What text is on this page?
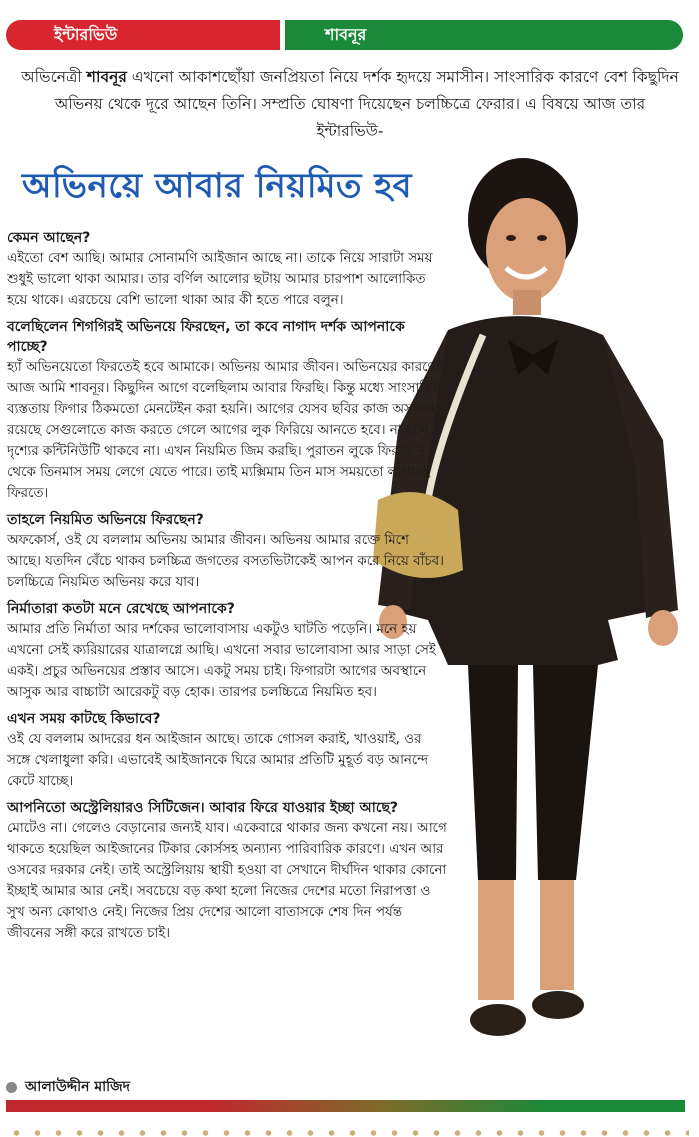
ইন্টারভিউ	শাবনূর
অভিনেত্রী শাবনূর এখনো আকাশছোঁয়া জনপ্রিয়তা নিয়ে দর্শক হৃদয়ে সমাসীন। সাংসারিক কারণে বেশ কিছুদিন অভিনয় থেকে দূরে আছেন তিনি। সম্প্রতি ঘোষণা দিয়েছেন চলচ্চিত্রে ফেরার। এ বিষয়ে আজ তার ইন্টারভিউ-
অভিনয়ে আবার নিয়মিত হব

কেমন আছেন?

এইতো বেশ আছি। আমার সোনামণি আইজান আছে না। তাকে নিয়ে সারাটা সময় শুধুই ভালো থাকা আমার। তার বর্ণিল আলোর ছটায় আমার চারপাশ আলোকিত হয়ে থাকে। এরচেয়ে বেশি ভালো থাকা আর কী হতে পারে বলুন।

বলেছিলেন শিগগিরই অভিনয়ে ফিরছেন, তা কবে নাগাদ দর্শক আপনাকে পাচ্ছে?

হ্যাঁ অভিনয়েতো ফিরতেই হবে আমাকে। অভিনয় আমার জীবন। অভিনয়ের কারণেই আজ আমি শাবনূর। কিছুদিন আগে বলেছিলাম আবার ফিরছি। কিন্তু মধ্যে সাংসারিক ব্যস্ততায় ফিগার ঠিকমতো মেনটেইন করা হয়নি। আগের যেসব ছবির কাজ অসমাপ্ত রয়েছে সেগুলোতে কাজ করতে গেলে আগের লুক ফিরিয়ে আনতে হবে। না হলে দৃশ্যের কন্টিনিউটি থাকবে না। এখন নিয়মিত জিম করছি। পুরাতন লুকে ফিরতে দু থেকে তিনমাস সময় লেগে যেতে পারে। তাই ম্যক্সিমাম তিন মাস সময়তো লাগবেই ফিরতে।

তাহলে নিয়মিত অভিনয়ে ফিরছেন?

অফকোর্স, ওই যে বললাম অভিনয় আমার জীবন। অভিনয় আমার রক্তে মিশে আছে। যতদিন বেঁচে থাকব চলচ্চিত্র জগতের বসতভিটাকেই আপন করে নিয়ে বাঁচব। চলচ্চিত্রে নিয়মিত অভিনয় করে যাব।

নির্মাতারা কতটা মনে রেখেছে আপনাকে?

আমার প্রতি নির্মাতা আর দর্শকের ভালোবাসায় একটুও ঘাটতি পড়েনি। মনে হয় এখনো সেই ক্যরিয়ারের যাত্রালগ্নে আছি। এখনো সবার ভালোবাসা আর সাড়া সেই একই। প্রচুর অভিনয়ের প্রস্তাব আসে। একটু সময় চাই। ফিগারটা আগের অবস্থানে আসুক আর বাচ্চাটা আরেকটু বড় হোক। তারপর চলচ্চিত্রে নিয়মিত হব।

এখন সময় কাটছে কিভাবে?

ওই যে বললাম আদরের ধন আইজান আছে। তাকে গোসল করাই, খাওয়াই, ওর সঙ্গে খেলাধুলা করি। এভাবেই আইজানকে ঘিরে আমার প্রতিটি মুহূর্ত বড় আনন্দে কেটে যাচ্ছে।

আপনিতো অস্ট্রেলিয়ারও সিটিজেন। আবার ফিরে যাওয়ার ইচ্ছা আছে?

মোটেও না। গেলেও বেড়ানোর জন্যই যাব। একেবারে থাকার জন্য কখনো নয়। আগে থাকতে হয়েছিল আইজানের টিকার কোর্সসহ অন্যান্য পারিবারিক কারণে। এখন আর ওসবের দরকার নেই। তাই অস্ট্রেলিয়ায় স্থায়ী হওয়া বা সেখানে দীর্ঘদিন থাকার কোনো ইচ্ছাই আমার আর নেই। সবচেয়ে বড় কথা হলো নিজের দেশের মতো নিরাপত্তা ও সুখ অন্য কোথাও নেই। নিজের প্রিয় দেশের আলো বাতাসকে শেষ দিন পর্যন্ত জীবনের সঙ্গী করে রাখতে চাই।

আলাউদ্দীন মাজিদ
